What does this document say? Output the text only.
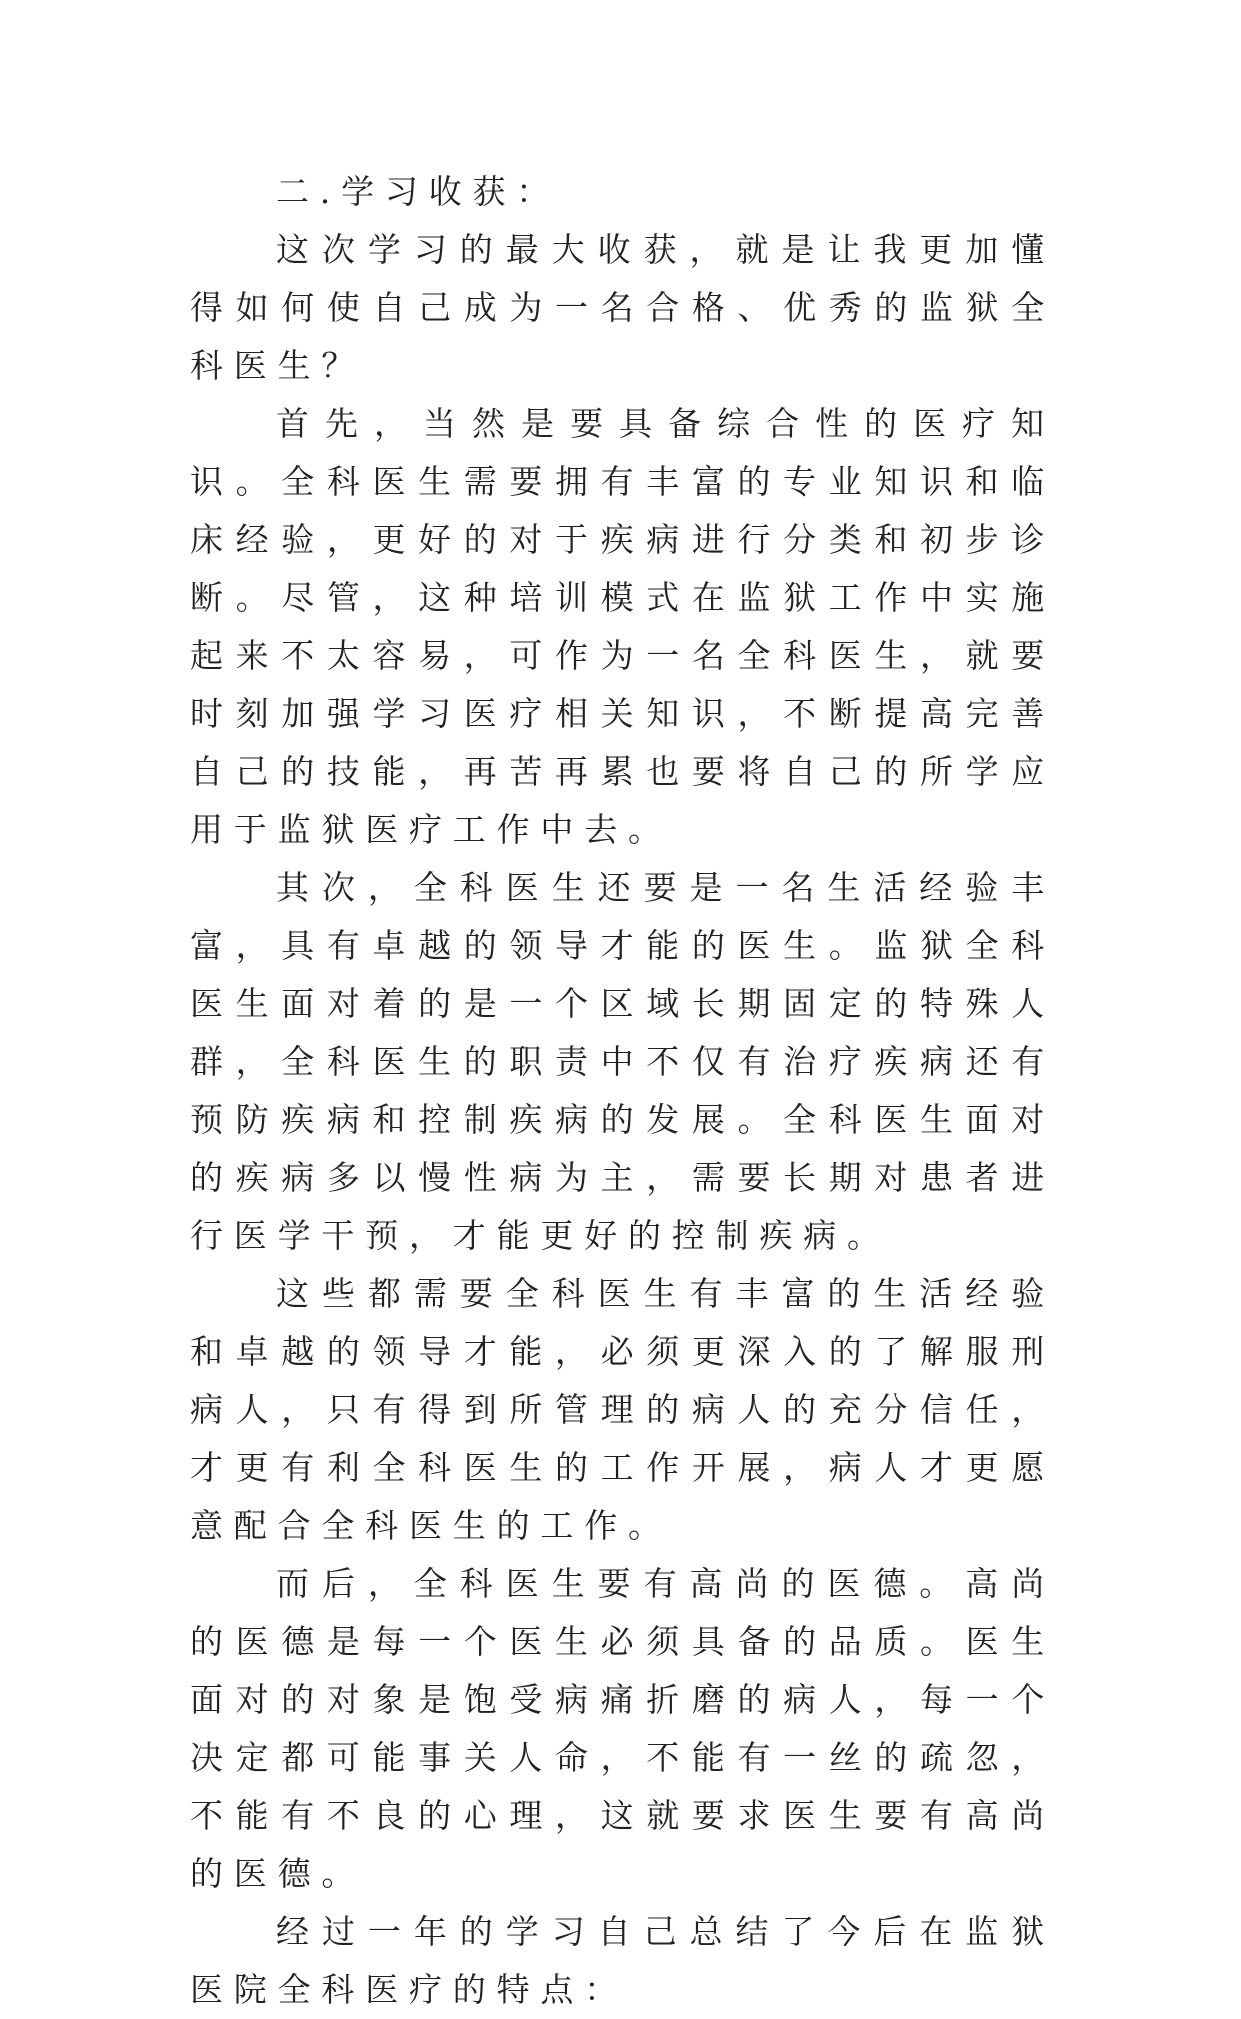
二.学习收获：

这次学习的最大收获，就是让我更加懂得如何使自己成为一名合格、优秀的监狱全科医生？

首先，当然是要具备综合性的医疗知识。全科医生需要拥有丰富的专业知识和临床经验，更好的对于疾病进行分类和初步诊断。尽管，这种培训模式在监狱工作中实施起来不太容易，可作为一名全科医生，就要时刻加强学习医疗相关知识，不断提高完善自己的技能，再苦再累也要将自己的所学应用于监狱医疗工作中去。

其次，全科医生还要是一名生活经验丰富，具有卓越的领导才能的医生。监狱全科医生面对着的是一个区域长期固定的特殊人群，全科医生的职责中不仅有治疗疾病还有预防疾病和控制疾病的发展。全科医生面对的疾病多以慢性病为主，需要长期对患者进行医学干预，才能更好的控制疾病。

这些都需要全科医生有丰富的生活经验和卓越的领导才能，必须更深入的了解服刑病人，只有得到所管理的病人的充分信任，才更有利全科医生的工作开展，病人才更愿意配合全科医生的工作。

而后，全科医生要有高尚的医德。高尚的医德是每一个医生必须具备的品质。医生面对的对象是饱受病痛折磨的病人，每一个决定都可能事关人命，不能有一丝的疏忽，不能有不良的心理，这就要求医生要有高尚的医德。

经过一年的学习自己总结了今后在监狱医院全科医疗的特点：
